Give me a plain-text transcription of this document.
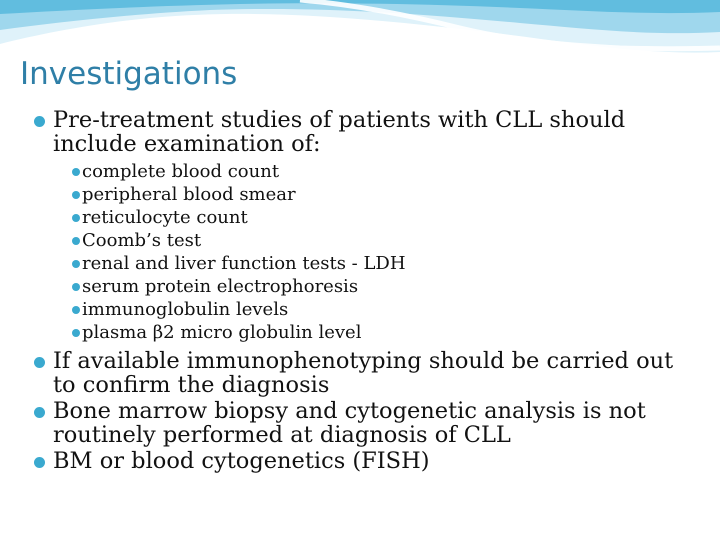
Investigations
Pre-treatment studies of patients with CLL should
include examination of:
complete blood count
peripheral blood smear
reticulocyte count
Coomb’s test
renal and liver function tests - LDH
serum protein electrophoresis
immunoglobulin levels
plasma β2 micro globulin level
If available immunophenotyping should be carried out
to confirm the diagnosis
Bone marrow biopsy and cytogenetic analysis is not
routinely performed at diagnosis of CLL
BM or blood cytogenetics (FISH)
